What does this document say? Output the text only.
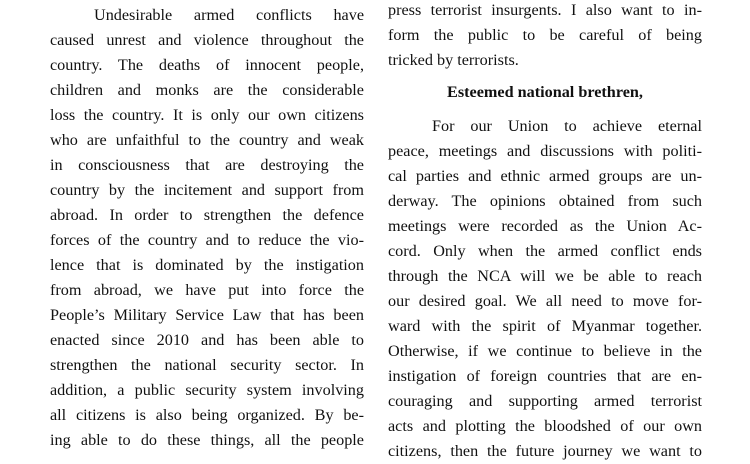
Undesirable armed conflicts have
caused unrest and violence throughout the
country. The deaths of innocent people,
children and monks are the considerable
loss the country. It is only our own citizens
who are unfaithful to the country and weak
in consciousness that are destroying the
country by the incitement and support from
abroad. In order to strengthen the defence
forces of the country and to reduce the vio-
lence that is dominated by the instigation
from abroad, we have put into force the
People’s Military Service Law that has been
enacted since 2010 and has been able to
strengthen the national security sector. In
addition, a public security system involving
all citizens is also being organized. By be-
ing able to do these things, all the people
press terrorist insurgents. I also want to in-
form the public to be careful of being
tricked by terrorists.
Esteemed national brethren,
For our Union to achieve eternal
peace, meetings and discussions with politi-
cal parties and ethnic armed groups are un-
derway. The opinions obtained from such
meetings were recorded as the Union Ac-
cord. Only when the armed conflict ends
through the NCA will we be able to reach
our desired goal. We all need to move for-
ward with the spirit of Myanmar together.
Otherwise, if we continue to believe in the
instigation of foreign countries that are en-
couraging and supporting armed terrorist
acts and plotting the bloodshed of our own
citizens, then the future journey we want to
